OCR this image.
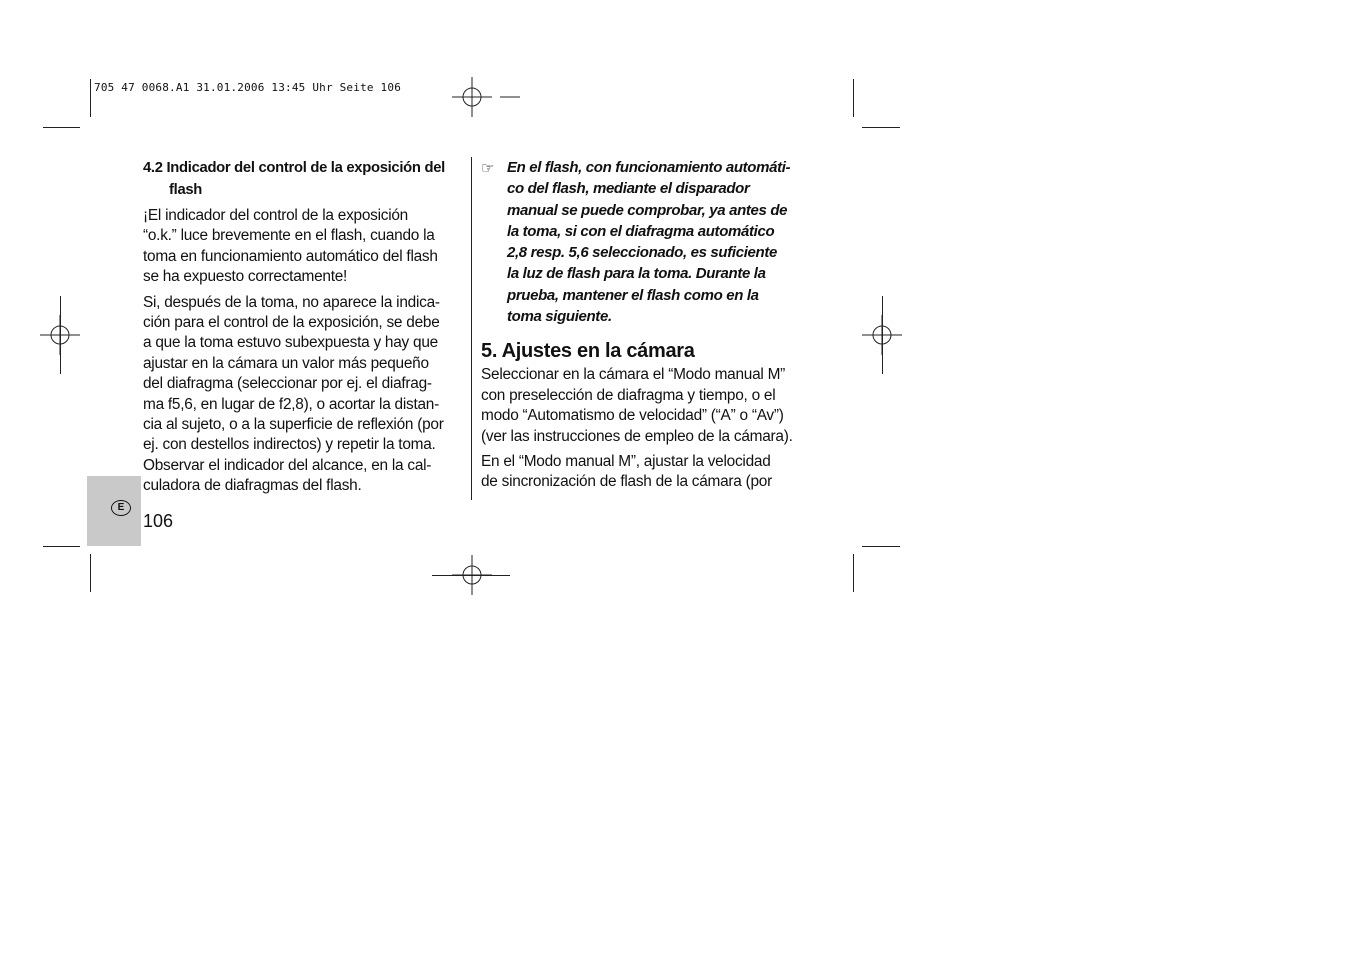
705 47 0068.A1 31.01.2006 13:45 Uhr Seite 106
E
106
4.2 Indicador del control de la exposición del
flash
¡El indicador del control de la exposición
“o.k.” luce brevemente en el flash, cuando la
toma en funcionamiento automático del flash
se ha expuesto correctamente!
Si, después de la toma, no aparece la indica-
ción para el control de la exposición, se debe
a que la toma estuvo subexpuesta y hay que
ajustar en la cámara un valor más pequeño
del diafragma (seleccionar por ej. el diafrag-
ma f5,6, en lugar de f2,8), o acortar la distan-
cia al sujeto, o a la superficie de reflexión (por
ej. con destellos indirectos) y repetir la toma.
Observar el indicador del alcance, en la cal-
culadora de diafragmas del flash.
☞ En el flash, con funcionamiento automáti-
co del flash, mediante el disparador
manual se puede comprobar, ya antes de
la toma, si con el diafragma automático
2,8 resp. 5,6 seleccionado, es suficiente
la luz de flash para la toma. Durante la
prueba, mantener el flash como en la
toma siguiente.
5. Ajustes en la cámara
Seleccionar en la cámara el “Modo manual M”
con preselección de diafragma y tiempo, o el
modo “Automatismo de velocidad” (“A” o “Av”)
(ver las instrucciones de empleo de la cámara).
En el “Modo manual M”, ajustar la velocidad
de sincronización de flash de la cámara (por
